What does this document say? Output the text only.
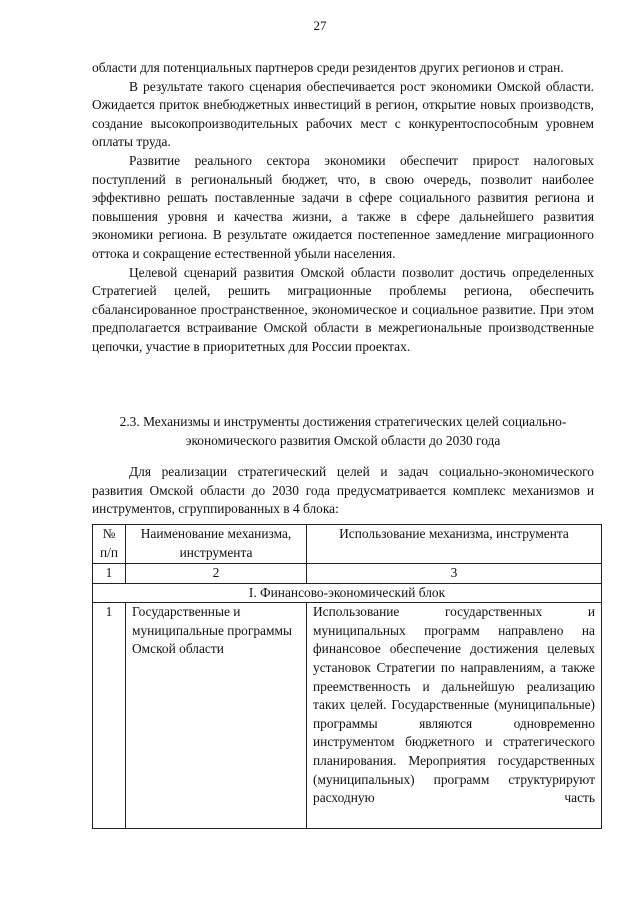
27

области для потенциальных партнеров среди резидентов других регионов и стран.

В результате такого сценария обеспечивается рост экономики Омской области. Ожидается приток внебюджетных инвестиций в регион, открытие новых производств, создание высокопроизводительных рабочих мест с конкурентоспособным уровнем оплаты труда.

Развитие реального сектора экономики обеспечит прирост налоговых поступлений в региональный бюджет, что, в свою очередь, позволит наиболее эффективно решать поставленные задачи в сфере социального развития региона и повышения уровня и качества жизни, а также в сфере дальнейшего развития экономики региона. В результате ожидается постепенное замедление миграционного оттока и сокращение естественной убыли населения.

Целевой сценарий развития Омской области позволит достичь определенных Стратегией целей, решить миграционные проблемы региона, обеспечить сбалансированное пространственное, экономическое и социальное развитие. При этом предполагается встраивание Омской области в межрегиональные производственные цепочки, участие в приоритетных для России проектах.

2.3. Механизмы и инструменты достижения стратегических целей социально-экономического развития Омской области до 2030 года

Для реализации стратегический целей и задач социально-экономического развития Омской области до 2030 года предусматривается комплекс механизмов и инструментов, сгруппированных в 4 блока:

№ п/п	Наименование механизма, инструмента	Использование механизма, инструмента
1	2	3
I. Финансово-экономический блок		
1	Государственные и муниципальные программы Омской области	Использование государственных и муниципальных программ направлено на финансовое обеспечение достижения целевых установок Стратегии по направлениям, а также преемственность и дальнейшую реализацию таких целей. Государственные (муниципальные) программы являются одновременно инструментом бюджетного и стратегического планирования. Мероприятия государственных (муниципальных) программ структурируют расходную часть
